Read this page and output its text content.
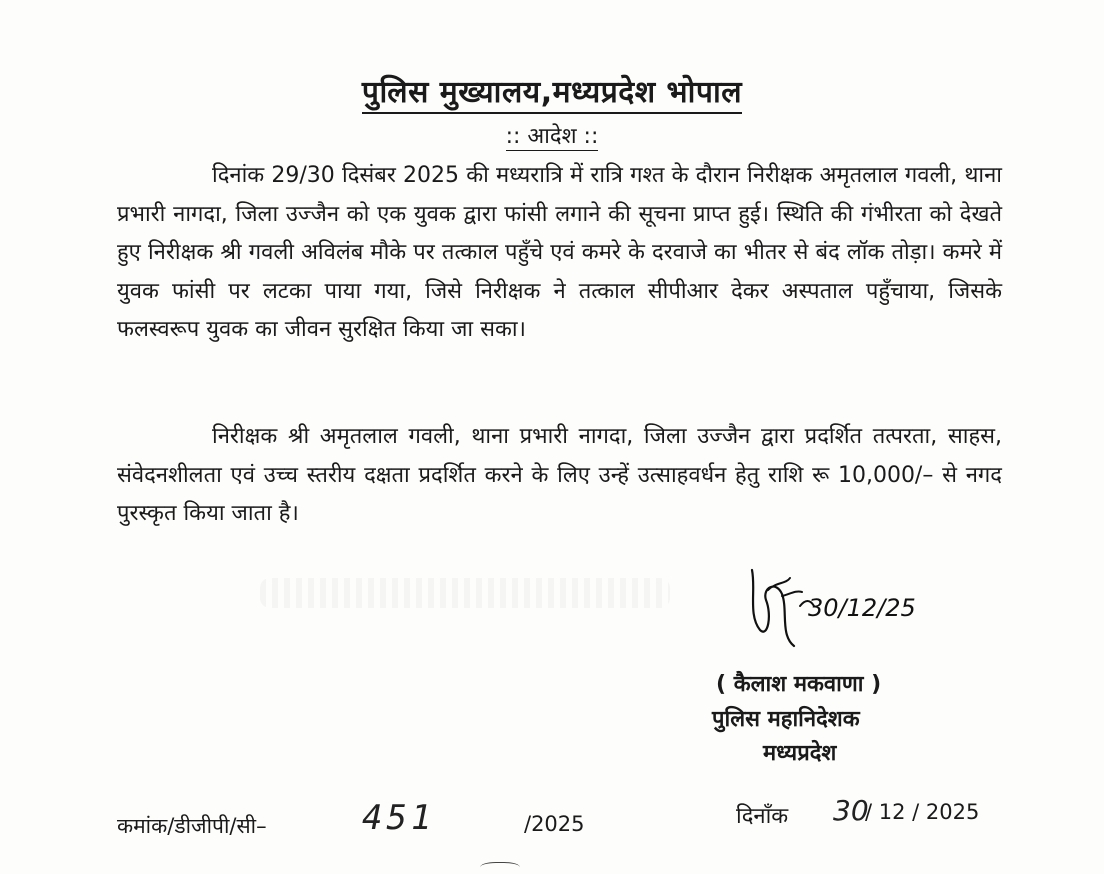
पुलिस मुख्यालय,मध्यप्रदेश भोपाल
:: आदेश ::
दिनांक 29/30 दिसंबर 2025 की मध्यरात्रि में रात्रि गश्त के दौरान निरीक्षक अमृतलाल गवली, थाना प्रभारी नागदा, जिला उज्जैन को एक युवक द्वारा फांसी लगाने की सूचना प्राप्त हुई। स्थिति की गंभीरता को देखते हुए निरीक्षक श्री गवली अविलंब मौके पर तत्काल पहुँचे एवं कमरे के दरवाजे का भीतर से बंद लॉक तोड़ा। कमरे में युवक फांसी पर लटका पाया गया, जिसे निरीक्षक ने तत्काल सीपीआर देकर अस्पताल पहुँचाया, जिसके फलस्वरूप युवक का जीवन सुरक्षित किया जा सका।
निरीक्षक श्री अमृतलाल गवली, थाना प्रभारी नागदा, जिला उज्जैन द्वारा प्रदर्शित तत्परता, साहस, संवेदनशीलता एवं उच्च स्तरीय दक्षता प्रदर्शित करने के लिए उन्हें उत्साहवर्धन हेतु राशि रू 10,000/– से नगद पुरस्कृत किया जाता है।
30/12/25
( कैलाश मकवाणा )
पुलिस महानिदेशक
मध्यप्रदेश
कमांक/डीजीपी/सी–	451	/2025	दिनाँक 30
/ 12 / 2025
